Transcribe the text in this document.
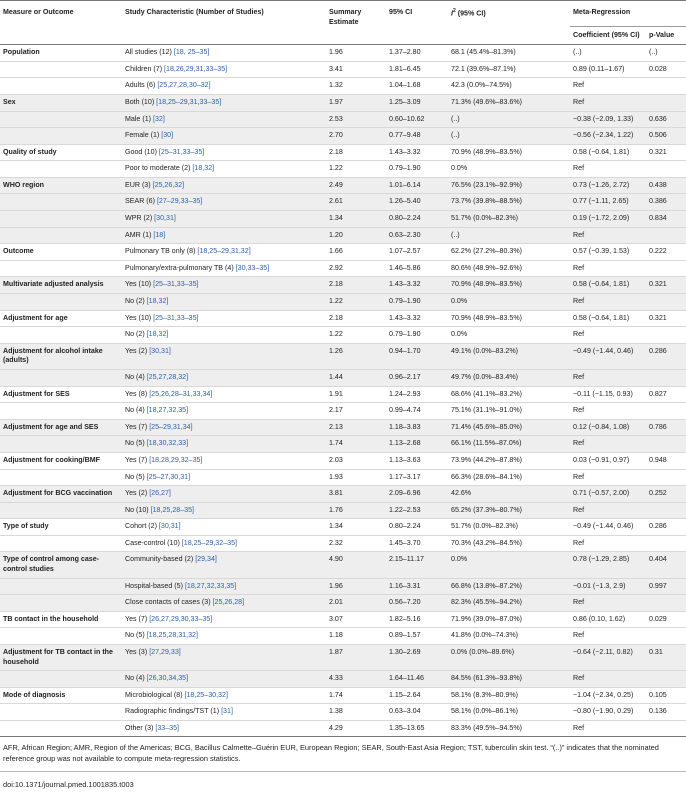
Measure or Outcome	Study Characteristic (Number of Studies)	Summary Estimate	95% CI	$I^2$ (95% CI)	Meta-Regression	
					Coefficient (95% CI)	p-Value
Population	All studies (12) [18, 25–35]	1.96	1.37–2.80	68.1 (45.4%–81.3%)	(..)	(..)
	Children (7) [18,26,29,31,33–35]	3.41	1.81–6.45	72.1 (39.6%–87.1%)	0.89 (0.11–1.67)	0.028
	Adults (6) [25,27,28,30–32]	1.32	1.04–1.68	42.3 (0.0%–74.5%)	Ref	
Sex	Both (10) [18,25–29,31,33–35]	1.97	1.25–3.09	71.3% (49.6%–83.6%)	Ref	
	Male (1) [32]	2.53	0.60–10.62	(..)	−0.38 (−2.09, 1.33)	0.636
	Female (1) [30]	2.70	0.77–9.48	(..)	−0.56 (−2.34, 1.22)	0.506
Quality of study	Good (10) [25–31,33–35]	2.18	1.43–3.32	70.9% (48.9%–83.5%)	0.58 (−0.64, 1.81)	0.321
	Poor to moderate (2) [18,32]	1.22	0.79–1.90	0.0%	Ref	
WHO region	EUR (3) [25,26,32]	2.49	1.01–6.14	76.5% (23.1%–92.9%)	0.73 (−1.26, 2.72)	0.438
	SEAR (6) [27–29,33–35]	2.61	1.26–5.40	73.7% (39.8%–88.5%)	0.77 (−1.11, 2.65)	0.386
	WPR (2) [30,31]	1.34	0.80–2.24	51.7% (0.0%–82.3%)	0.19 (−1.72, 2.09)	0.834
	AMR (1) [18]	1.20	0.63–2.30	(..)	Ref	
Outcome	Pulmonary TB only (8) [18,25–29,31,32]	1.66	1.07–2.57	62.2% (27.2%–80.3%)	0.57 (−0.39, 1.53)	0.222
	Pulmonary/extra-pulmonary TB (4) [30,33–35]	2.92	1.46–5.86	80.6% (48.9%–92.6%)	Ref	
Multivariate adjusted analysis	Yes (10) [25–31,33–35]	2.18	1.43–3.32	70.9% (48.9%–83.5%)	0.58 (−0.64, 1.81)	0.321
	No (2) [18,32]	1.22	0.79–1.90	0.0%	Ref	
Adjustment for age	Yes (10) [25–31,33–35]	2.18	1.43–3.32	70.9% (48.9%–83.5%)	0.58 (−0.64, 1.81)	0.321
	No (2) [18,32]	1.22	0.79–1.90	0.0%	Ref	
Adjustment for alcohol intake (adults)	Yes (2) [30,31]	1.26	0.94–1.70	49.1% (0.0%–83.2%)	−0.49 (−1.44, 0.46)	0.286
	No (4) [25,27,28,32]	1.44	0.96–2.17	49.7% (0.0%–83.4%)	Ref	
Adjustment for SES	Yes (8) [25,26,28–31,33,34]	1.91	1.24–2.93	68.6% (41.1%–83.2%)	−0.11 (−1.15, 0.93)	0.827
	No (4) [18,27,32,35]	2.17	0.99–4.74	75.1% (31.1%–91.0%)	Ref	
Adjustment for age and SES	Yes (7) [25–29,31,34]	2.13	1.18–3.83	71.4% (45.6%–85.0%)	0.12 (−0.84, 1.08)	0.786
	No (5) [18,30,32,33]	1.74	1.13–2.68	66.1% (11.5%–87.0%)	Ref	
Adjustment for cooking/BMF	Yes (7) [18,28,29,32–35]	2.03	1.13–3.63	73.9% (44.2%–87.8%)	0.03 (−0.91, 0.97)	0.948
	No (5) [25–27,30,31]	1.93	1.17–3.17	66.3% (28.6%–84.1%)	Ref	
Adjustment for BCG vaccination	Yes (2) [26,27]	3.81	2.09–6.96	42.6%	0.71 (−0.57, 2.00)	0.252
	No (10) [18,25,28–35]	1.76	1.22–2.53	65.2% (37.3%–80.7%)	Ref	
Type of study	Cohort (2) [30,31]	1.34	0.80–2.24	51.7% (0.0%–82.3%)	−0.49 (−1.44, 0.46)	0.286
	Case-control (10) [18,25–29,32–35]	2.32	1.45–3.70	70.3% (43.2%–84.5%)	Ref	
Type of control among case-control studies	Community-based (2) [29,34]	4.90	2.15–11.17	0.0%	0.78 (−1.29, 2.85)	0.404
	Hospital-based (5) [18,27,32,33,35]	1.96	1.16–3.31	66.8% (13.8%–87.2%)	−0.01 (−1.3, 2.9)	0.997
	Close contacts of cases (3) [25,26,28]	2.01	0.56–7.20	82.3% (45.5%–94.2%)	Ref	
TB contact in the household	Yes (7) [26,27,29,30,33–35]	3.07	1.82–5.16	71.9% (39.0%–87.0%)	0.86 (0.10, 1.62)	0.029
	No (5) [18,25,28,31,32]	1.18	0.89–1.57	41.8% (0.0%–74.3%)	Ref	
Adjustment for TB contact in the household	Yes (3) [27,29,33]	1.87	1.30–2.69	0.0% (0.0%–89.6%)	−0.64 (−2.11, 0.82)	0.31
	No (4) [26,30,34,35]	4.33	1.64–11.46	84.5% (61.3%–93.8%)	Ref	
Mode of diagnosis	Microbiological (8) [18,25–30,32]	1.74	1.15–2.64	58.1% (8.3%–80.9%)	−1.04 (−2.34, 0.25)	0.105
	Radiographic findings/TST (1) [31]	1.38	0.63–3.04	58.1% (0.0%–86.1%)	−0.80 (−1.90, 0.29)	0.136
	Other (3) [33–35]	4.29	1.35–13.65	83.3% (49.5%–94.5%)	Ref	
AFR, African Region; AMR, Region of the Americas; BCG, Bacillus Calmette–Guérin EUR, European Region; SEAR, South-East Asia Region; TST, tuberculin skin test. “(..)” indicates that the nominated reference group was not available to compute meta-regression statistics.
doi:10.1371/journal.pmed.1001835.t003
